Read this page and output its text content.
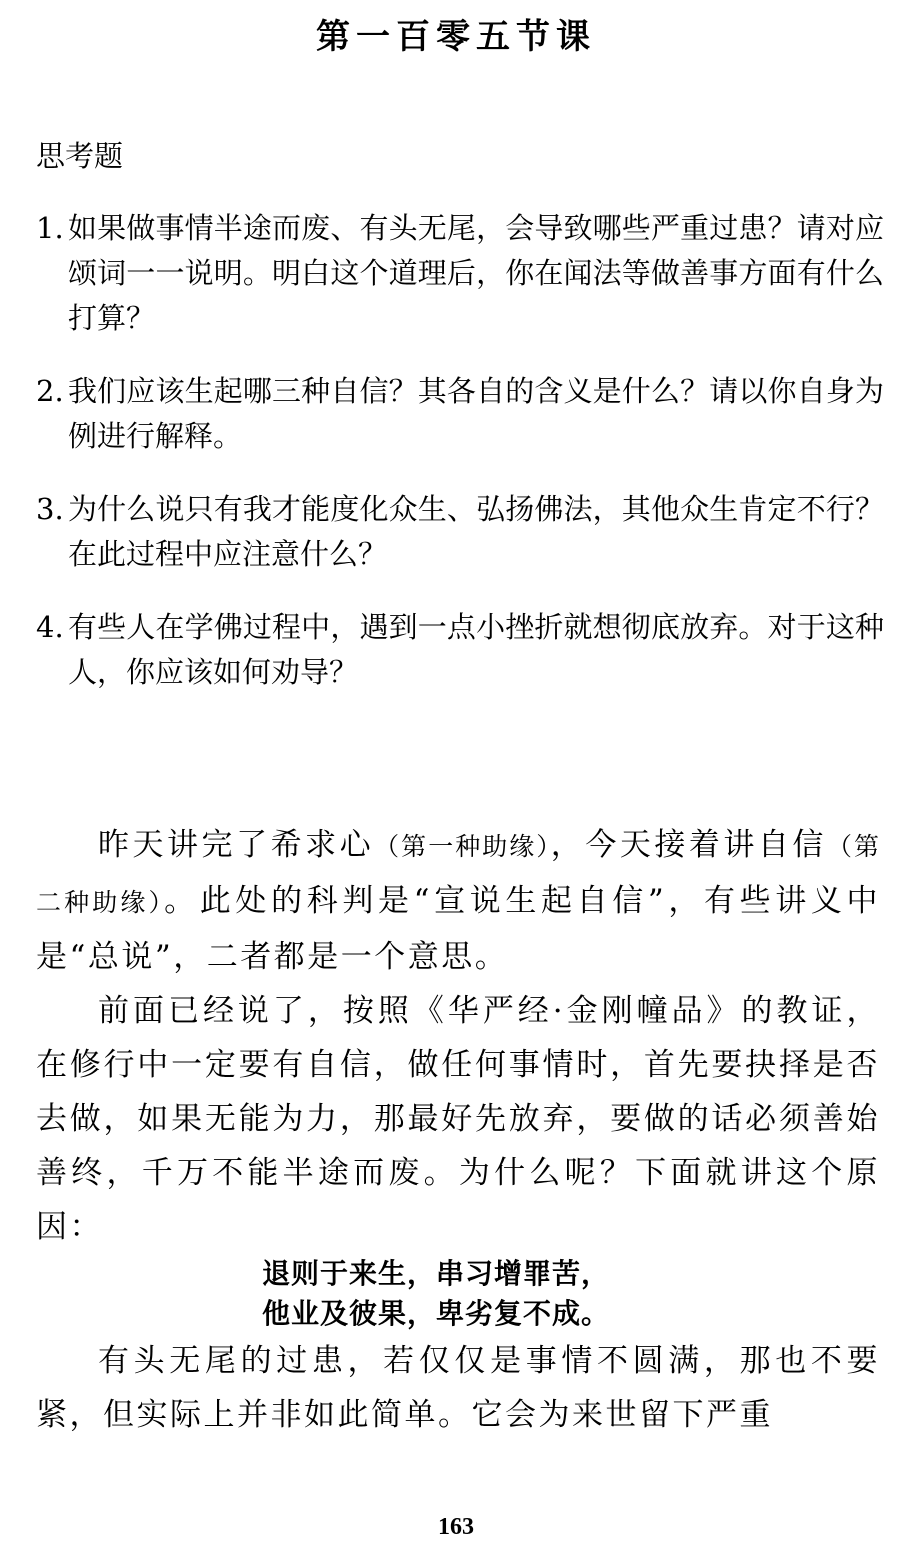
第一百零五节课
思考题
1. 如果做事情半途而废、有头无尾，会导致哪些严重过患？请对应颂词一一说明。明白这个道理后，你在闻法等做善事方面有什么打算？
2. 我们应该生起哪三种自信？其各自的含义是什么？请以你自身为例进行解释。
3. 为什么说只有我才能度化众生、弘扬佛法，其他众生肯定不行？在此过程中应注意什么？
4. 有些人在学佛过程中，遇到一点小挫折就想彻底放弃。对于这种人，你应该如何劝导？

昨天讲完了希求心（第一种助缘），今天接着讲自信（第二种助缘）。此处的科判是“宣说生起自信”，有些讲义中是“总说”，二者都是一个意思。

前面已经说了，按照《华严经·金刚幢品》的教证，在修行中一定要有自信，做任何事情时，首先要抉择是否去做，如果无能为力，那最好先放弃，要做的话必须善始善终，千万不能半途而废。为什么呢？下面就讲这个原因：

退则于来生，串习增罪苦，

他业及彼果，卑劣复不成。

有头无尾的过患，若仅仅是事情不圆满，那也不要紧，但实际上并非如此简单。它会为来世留下严重

163
